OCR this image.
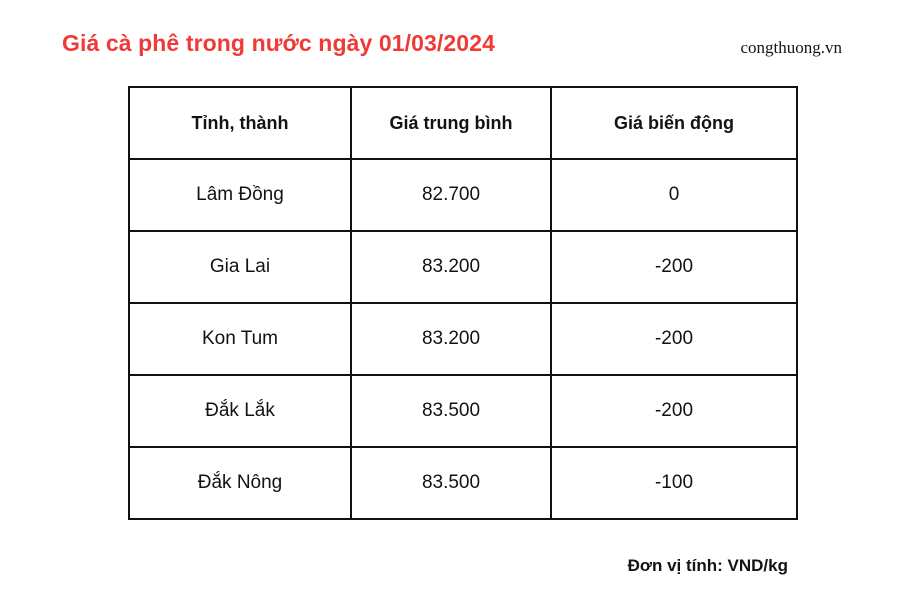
Giá cà phê trong nước ngày 01/03/2024	congthuong.vn
Tỉnh, thành	Giá trung bình	Giá biến động
Lâm Đồng	82.700	0
Gia Lai	83.200	-200
Kon Tum	83.200	-200
Đắk Lắk	83.500	-200
Đắk Nông	83.500	-100
Đơn vị tính: VND/kg
